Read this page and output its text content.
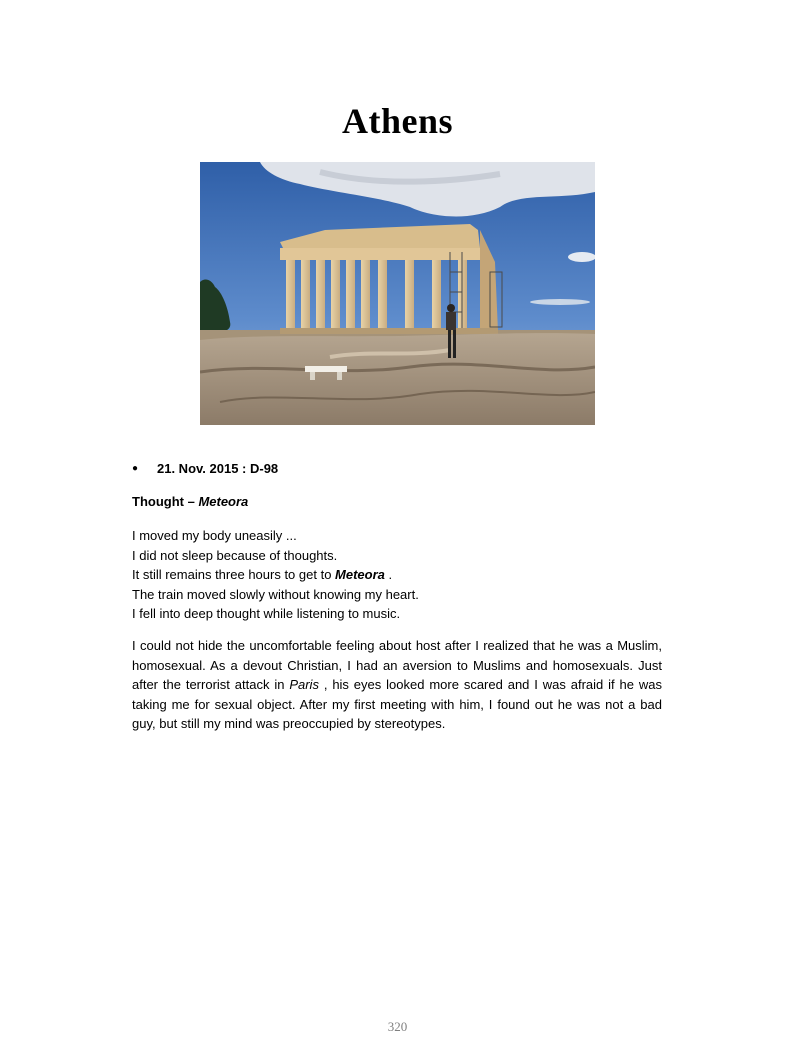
Athens
● 21. Nov. 2015 : D-98
Thought – Meteora
I moved my body uneasily ...
I did not sleep because of thoughts.
It still remains three hours to get to Meteora .
The train moved slowly without knowing my heart.
I fell into deep thought while listening to music.
I could not hide the uncomfortable feeling about host after I realized that he was a Muslim, homosexual. As a devout Christian, I had an aversion to Muslims and homosexuals. Just after the terrorist attack in Paris , his eyes looked more scared and I was afraid if he was taking me for sexual object. After my first meeting with him, I found out he was not a bad guy, but still my mind was preoccupied by stereotypes.
320
